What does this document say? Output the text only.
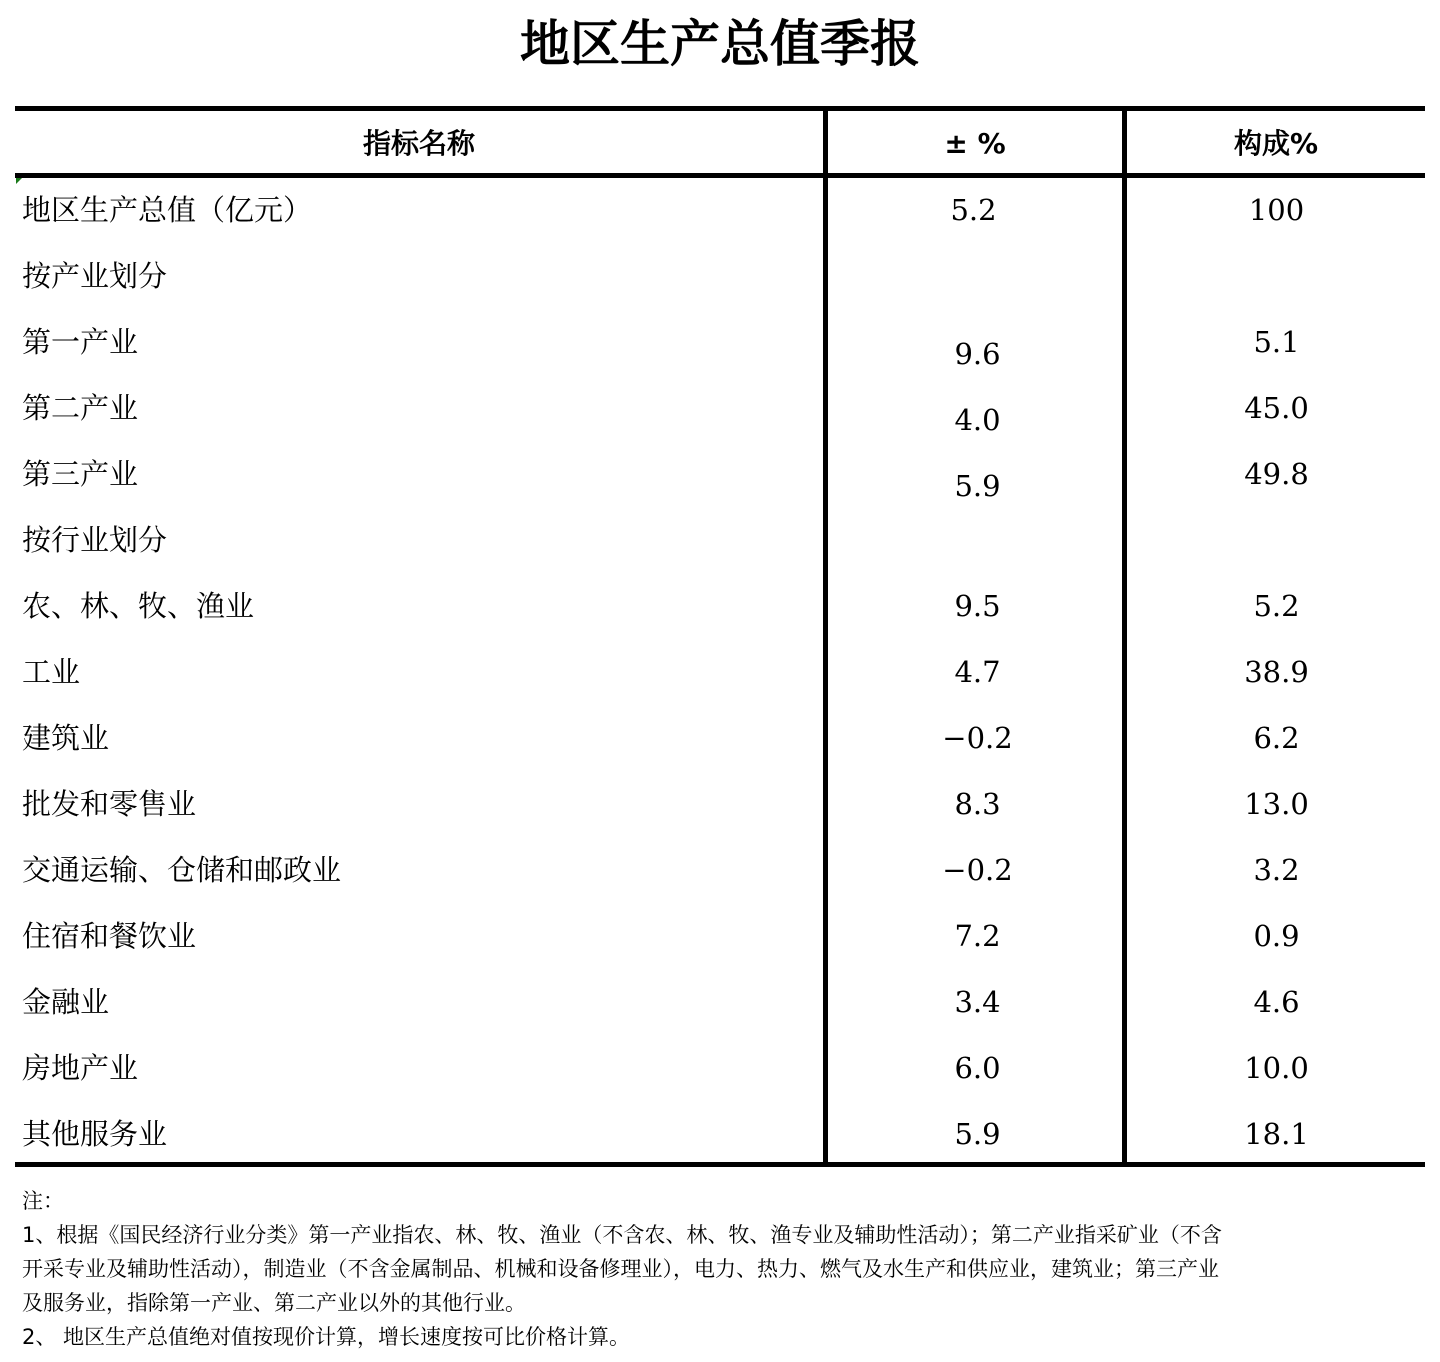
地区生产总值季报
指标名称	± %	构成%
地区生产总值（亿元）	5.2	100
按产业划分
第一产业	9.6	5.1
第二产业	4.0	45.0
第三产业	5.9	49.8
按行业划分
农、林、牧、渔业	9.5	5.2
工业	4.7	38.9
建筑业	−0.2	6.2
批发和零售业	8.3	13.0
交通运输、仓储和邮政业	−0.2	3.2
住宿和餐饮业	7.2	0.9
金融业	3.4	4.6
房地产业	6.0	10.0
其他服务业	5.9	18.1
注：
1、根据《国民经济行业分类》第一产业指农、林、牧、渔业（不含农、林、牧、渔专业及辅助性活动）；第二产业指采矿业（不含
开采专业及辅助性活动），制造业（不含金属制品、机械和设备修理业），电力、热力、燃气及水生产和供应业，建筑业；第三产业
及服务业，指除第一产业、第二产业以外的其他行业。
2、 地区生产总值绝对值按现价计算，增长速度按可比价格计算。
